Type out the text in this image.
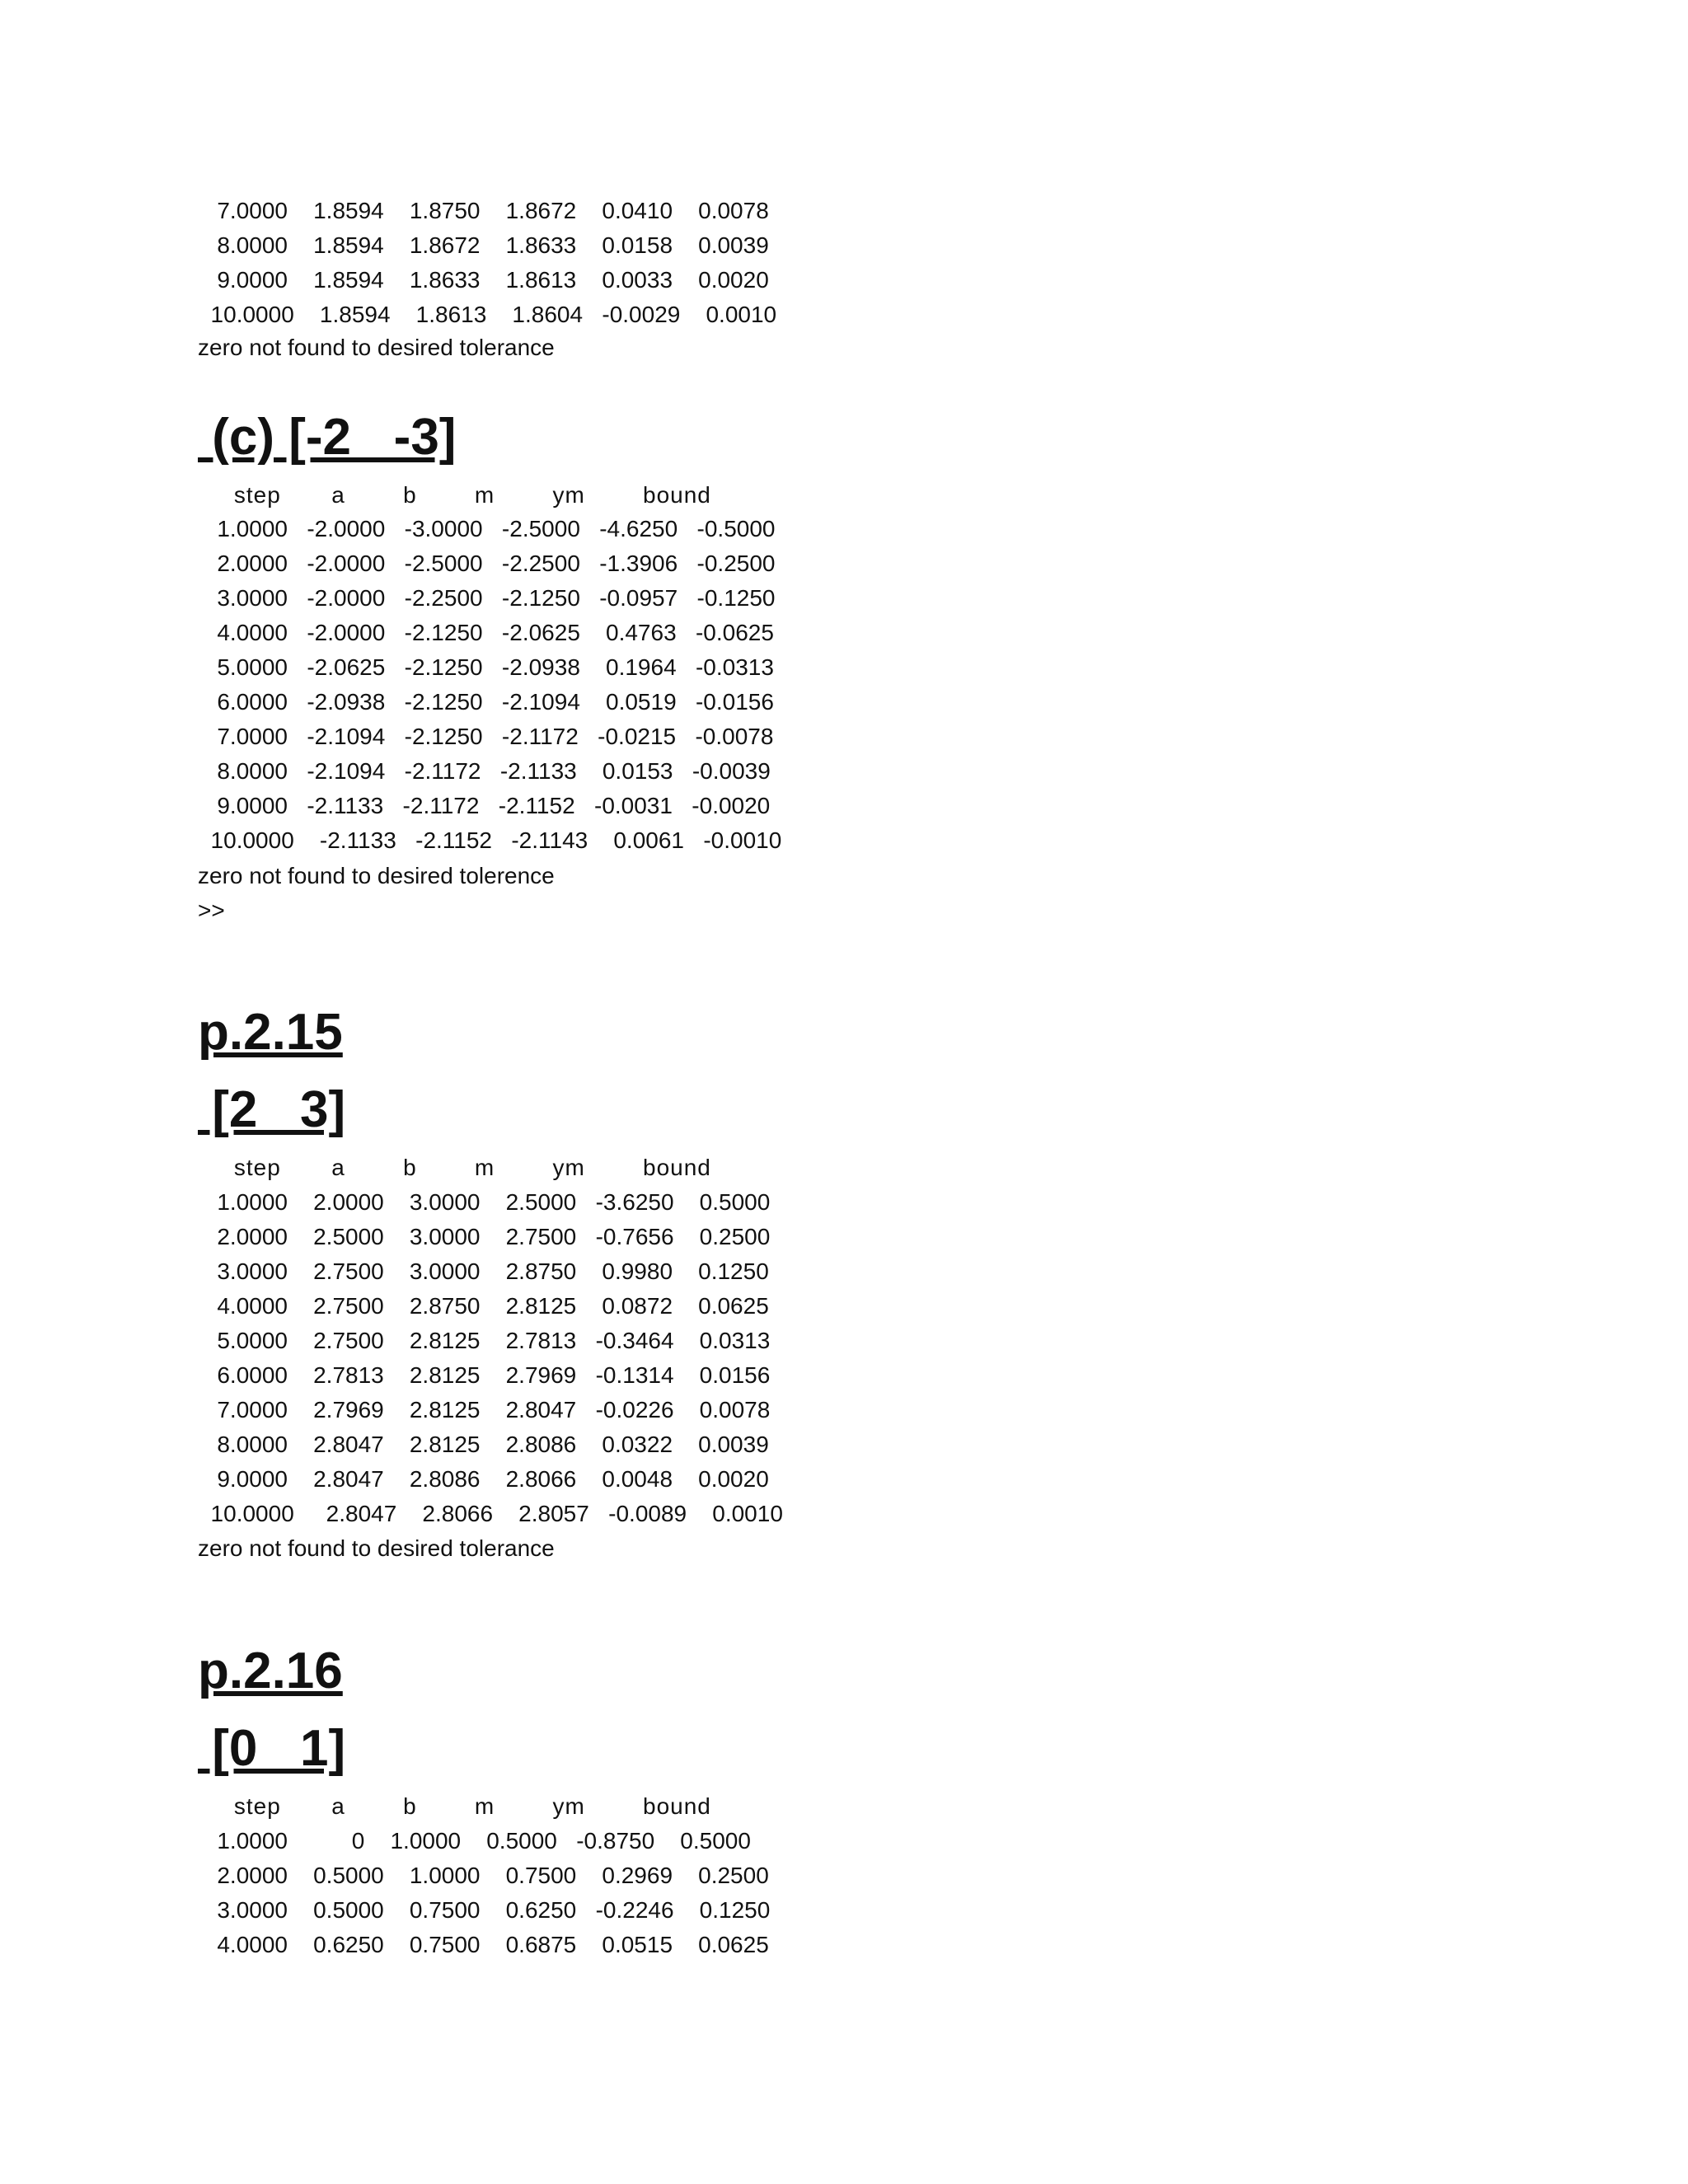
7.0000    1.8594    1.8750    1.8672    0.0410    0.0078
8.0000    1.8594    1.8672    1.8633    0.0158    0.0039
9.0000    1.8594    1.8633    1.8613    0.0033    0.0020
10.0000    1.8594    1.8613    1.8604   -0.0029    0.0010
zero not found to desired tolerance
(c) [-2   -3]
step       a        b        m        ym        bound
1.0000   -2.0000   -3.0000   -2.5000   -4.6250   -0.5000
2.0000   -2.0000   -2.5000   -2.2500   -1.3906   -0.2500
3.0000   -2.0000   -2.2500   -2.1250   -0.0957   -0.1250
4.0000   -2.0000   -2.1250   -2.0625    0.4763   -0.0625
5.0000   -2.0625   -2.1250   -2.0938    0.1964   -0.0313
6.0000   -2.0938   -2.1250   -2.1094    0.0519   -0.0156
7.0000   -2.1094   -2.1250   -2.1172   -0.0215   -0.0078
8.0000   -2.1094   -2.1172   -2.1133    0.0153   -0.0039
9.0000   -2.1133   -2.1172   -2.1152   -0.0031   -0.0020
10.0000    -2.1133   -2.1152   -2.1143    0.0061   -0.0010
zero not found to desired tolerence
>>
p.2.15
[2   3]
step       a        b        m        ym        bound
1.0000    2.0000    3.0000    2.5000   -3.6250    0.5000
2.0000    2.5000    3.0000    2.7500   -0.7656    0.2500
3.0000    2.7500    3.0000    2.8750    0.9980    0.1250
4.0000    2.7500    2.8750    2.8125    0.0872    0.0625
5.0000    2.7500    2.8125    2.7813   -0.3464    0.0313
6.0000    2.7813    2.8125    2.7969   -0.1314    0.0156
7.0000    2.7969    2.8125    2.8047   -0.0226    0.0078
8.0000    2.8047    2.8125    2.8086    0.0322    0.0039
9.0000    2.8047    2.8086    2.8066    0.0048    0.0020
10.0000     2.8047    2.8066    2.8057   -0.0089    0.0010
zero not found to desired tolerance
p.2.16
[0   1]
step       a        b        m        ym        bound
1.0000          0    1.0000    0.5000   -0.8750    0.5000
2.0000    0.5000    1.0000    0.7500    0.2969    0.2500
3.0000    0.5000    0.7500    0.6250   -0.2246    0.1250
4.0000    0.6250    0.7500    0.6875    0.0515    0.0625
